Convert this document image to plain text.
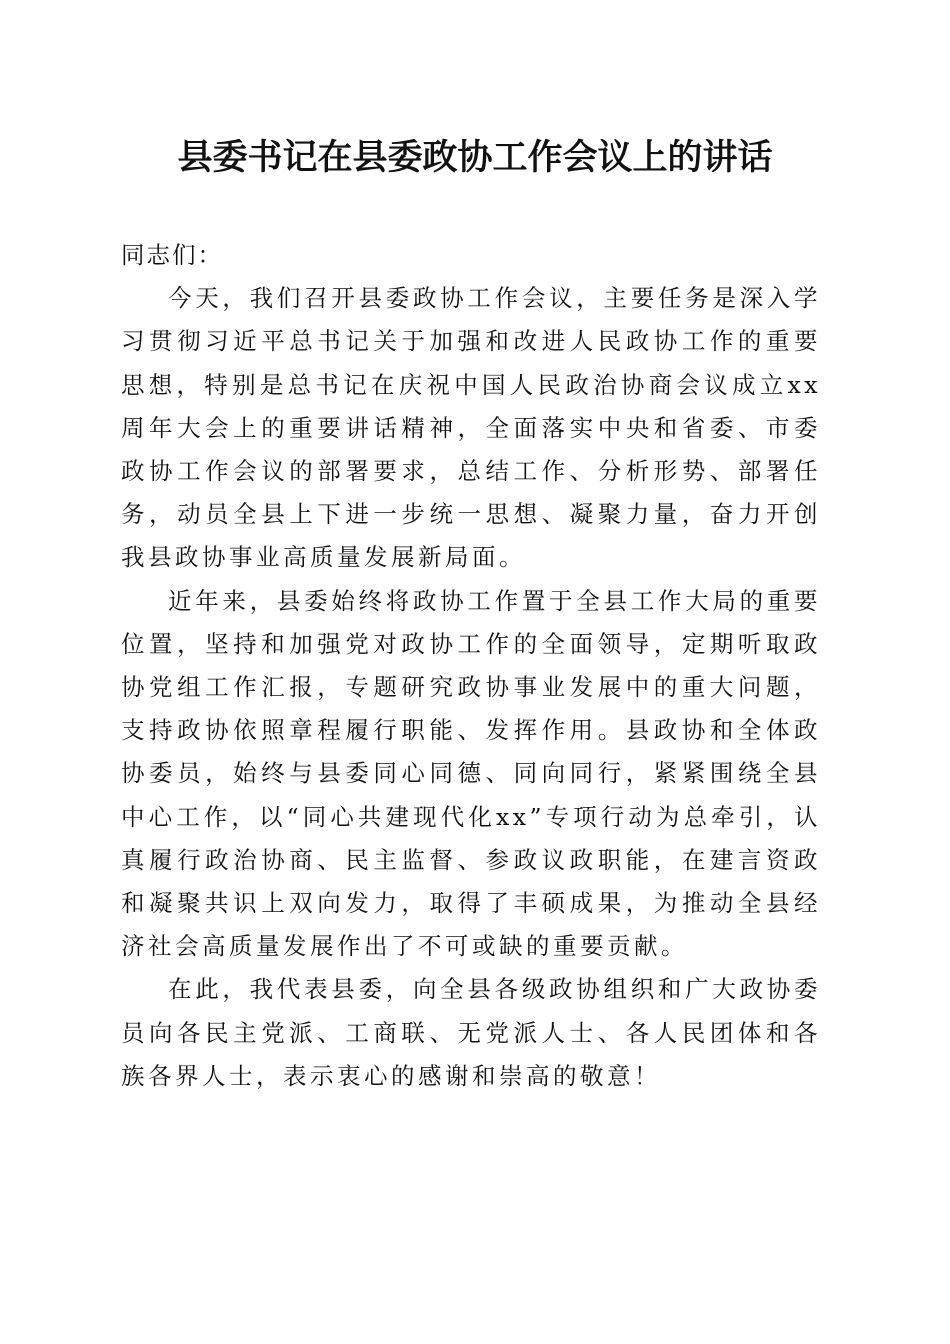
县委书记在县委政协工作会议上的讲话

同志们：

今天，我们召开县委政协工作会议，主要任务是深入学习贯彻习近平总书记关于加强和改进人民政协工作的重要思想，特别是总书记在庆祝中国人民政治协商会议成立xx周年大会上的重要讲话精神，全面落实中央和省委、市委政协工作会议的部署要求，总结工作、分析形势、部署任务，动员全县上下进一步统一思想、凝聚力量，奋力开创我县政协事业高质量发展新局面。

近年来，县委始终将政协工作置于全县工作大局的重要位置，坚持和加强党对政协工作的全面领导，定期听取政协党组工作汇报，专题研究政协事业发展中的重大问题，支持政协依照章程履行职能、发挥作用。县政协和全体政协委员，始终与县委同心同德、同向同行，紧紧围绕全县中心工作，以“同心共建现代化xx”专项行动为总牵引，认真履行政治协商、民主监督、参政议政职能，在建言资政和凝聚共识上双向发力，取得了丰硕成果，为推动全县经济社会高质量发展作出了不可或缺的重要贡献。

在此，我代表县委，向全县各级政协组织和广大政协委员向各民主党派、工商联、无党派人士、各人民团体和各族各界人士，表示衷心的感谢和崇高的敬意！
